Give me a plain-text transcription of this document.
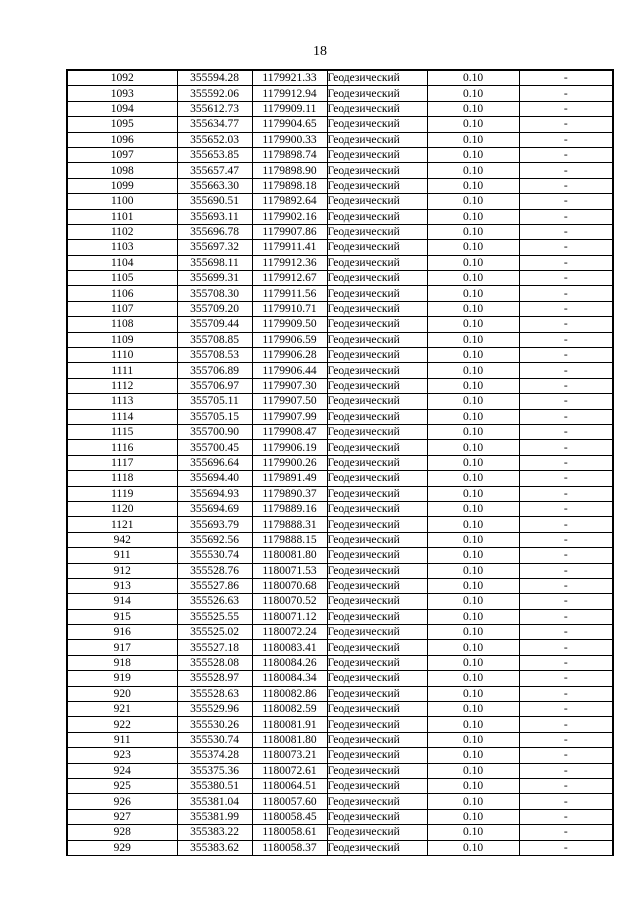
18
1092	355594.28	1179921.33	Геодезический	0.10	-
1093	355592.06	1179912.94	Геодезический	0.10	-
1094	355612.73	1179909.11	Геодезический	0.10	-
1095	355634.77	1179904.65	Геодезический	0.10	-
1096	355652.03	1179900.33	Геодезический	0.10	-
1097	355653.85	1179898.74	Геодезический	0.10	-
1098	355657.47	1179898.90	Геодезический	0.10	-
1099	355663.30	1179898.18	Геодезический	0.10	-
1100	355690.51	1179892.64	Геодезический	0.10	-
1101	355693.11	1179902.16	Геодезический	0.10	-
1102	355696.78	1179907.86	Геодезический	0.10	-
1103	355697.32	1179911.41	Геодезический	0.10	-
1104	355698.11	1179912.36	Геодезический	0.10	-
1105	355699.31	1179912.67	Геодезический	0.10	-
1106	355708.30	1179911.56	Геодезический	0.10	-
1107	355709.20	1179910.71	Геодезический	0.10	-
1108	355709.44	1179909.50	Геодезический	0.10	-
1109	355708.85	1179906.59	Геодезический	0.10	-
1110	355708.53	1179906.28	Геодезический	0.10	-
1111	355706.89	1179906.44	Геодезический	0.10	-
1112	355706.97	1179907.30	Геодезический	0.10	-
1113	355705.11	1179907.50	Геодезический	0.10	-
1114	355705.15	1179907.99	Геодезический	0.10	-
1115	355700.90	1179908.47	Геодезический	0.10	-
1116	355700.45	1179906.19	Геодезический	0.10	-
1117	355696.64	1179900.26	Геодезический	0.10	-
1118	355694.40	1179891.49	Геодезический	0.10	-
1119	355694.93	1179890.37	Геодезический	0.10	-
1120	355694.69	1179889.16	Геодезический	0.10	-
1121	355693.79	1179888.31	Геодезический	0.10	-
942	355692.56	1179888.15	Геодезический	0.10	-
911	355530.74	1180081.80	Геодезический	0.10	-
912	355528.76	1180071.53	Геодезический	0.10	-
913	355527.86	1180070.68	Геодезический	0.10	-
914	355526.63	1180070.52	Геодезический	0.10	-
915	355525.55	1180071.12	Геодезический	0.10	-
916	355525.02	1180072.24	Геодезический	0.10	-
917	355527.18	1180083.41	Геодезический	0.10	-
918	355528.08	1180084.26	Геодезический	0.10	-
919	355528.97	1180084.34	Геодезический	0.10	-
920	355528.63	1180082.86	Геодезический	0.10	-
921	355529.96	1180082.59	Геодезический	0.10	-
922	355530.26	1180081.91	Геодезический	0.10	-
911	355530.74	1180081.80	Геодезический	0.10	-
923	355374.28	1180073.21	Геодезический	0.10	-
924	355375.36	1180072.61	Геодезический	0.10	-
925	355380.51	1180064.51	Геодезический	0.10	-
926	355381.04	1180057.60	Геодезический	0.10	-
927	355381.99	1180058.45	Геодезический	0.10	-
928	355383.22	1180058.61	Геодезический	0.10	-
929	355383.62	1180058.37	Геодезический	0.10	-
